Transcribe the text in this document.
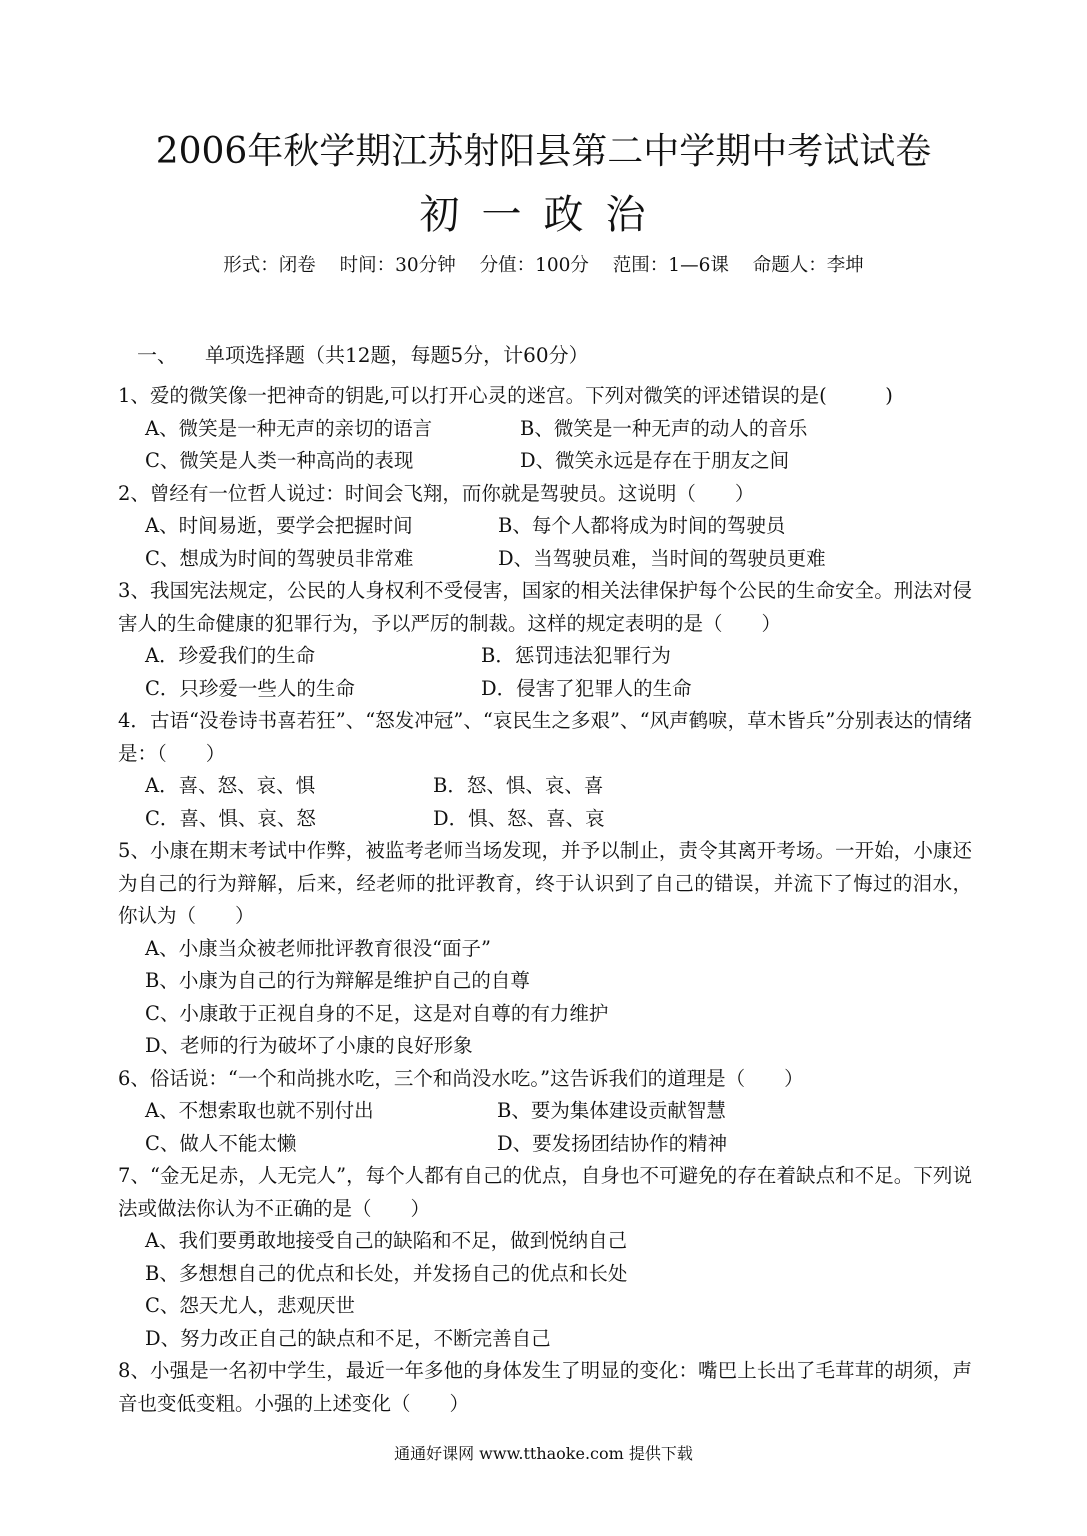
2006年秋学期江苏射阳县第二中学期中考试试卷
初一政治
形式：闭卷 时间：30分钟 分值：100分 范围：1—6课 命题人：李坤
一、 单项选择题（共12题，每题5分，计60分）
1、爱的微笑像一把神奇的钥匙,可以打开心灵的迷宫。下列对微笑的评述错误的是(　　　)
A、微笑是一种无声的亲切的语言	B、微笑是一种无声的动人的音乐
C、微笑是人类一种高尚的表现	D、微笑永远是存在于朋友之间
2、曾经有一位哲人说过：时间会飞翔，而你就是驾驶员。这说明（　　）
A、时间易逝，要学会把握时间	B、每个人都将成为时间的驾驶员
C、想成为时间的驾驶员非常难	D、当驾驶员难，当时间的驾驶员更难
3、我国宪法规定，公民的人身权利不受侵害，国家的相关法律保护每个公民的生命安全。刑法对侵害人的生命健康的犯罪行为，予以严厉的制裁。这样的规定表明的是（　　）
A．珍爱我们的生命	B．惩罚违法犯罪行为
C．只珍爱一些人的生命	D．侵害了犯罪人的生命
4．古语“没卷诗书喜若狂”、“怒发冲冠”、“哀民生之多艰”、“风声鹤唳，草木皆兵”分别表达的情绪是：（　　）
A．喜、怒、哀、惧	B．怒、惧、哀、喜
C．喜、惧、哀、怒	D．惧、怒、喜、哀
5、小康在期末考试中作弊，被监考老师当场发现，并予以制止，责令其离开考场。一开始，小康还为自己的行为辩解，后来，经老师的批评教育，终于认识到了自己的错误，并流下了悔过的泪水，你认为（　　）
A、小康当众被老师批评教育很没“面子”
B、小康为自己的行为辩解是维护自己的自尊
C、小康敢于正视自身的不足，这是对自尊的有力维护
D、老师的行为破坏了小康的良好形象
6、俗话说：“一个和尚挑水吃，三个和尚没水吃。”这告诉我们的道理是（　　）
A、不想索取也就不别付出	B、要为集体建设贡献智慧
C、做人不能太懒	D、要发扬团结协作的精神
7、“金无足赤，人无完人”，每个人都有自己的优点，自身也不可避免的存在着缺点和不足。下列说法或做法你认为不正确的是（　　）
A、我们要勇敢地接受自己的缺陷和不足，做到悦纳自己
B、多想想自己的优点和长处，并发扬自己的优点和长处
C、怨天尤人，悲观厌世
D、努力改正自己的缺点和不足，不断完善自己
8、小强是一名初中学生，最近一年多他的身体发生了明显的变化：嘴巴上长出了毛茸茸的胡须，声音也变低变粗。小强的上述变化（　　）
通通好课网 www.tthaoke.com 提供下载
